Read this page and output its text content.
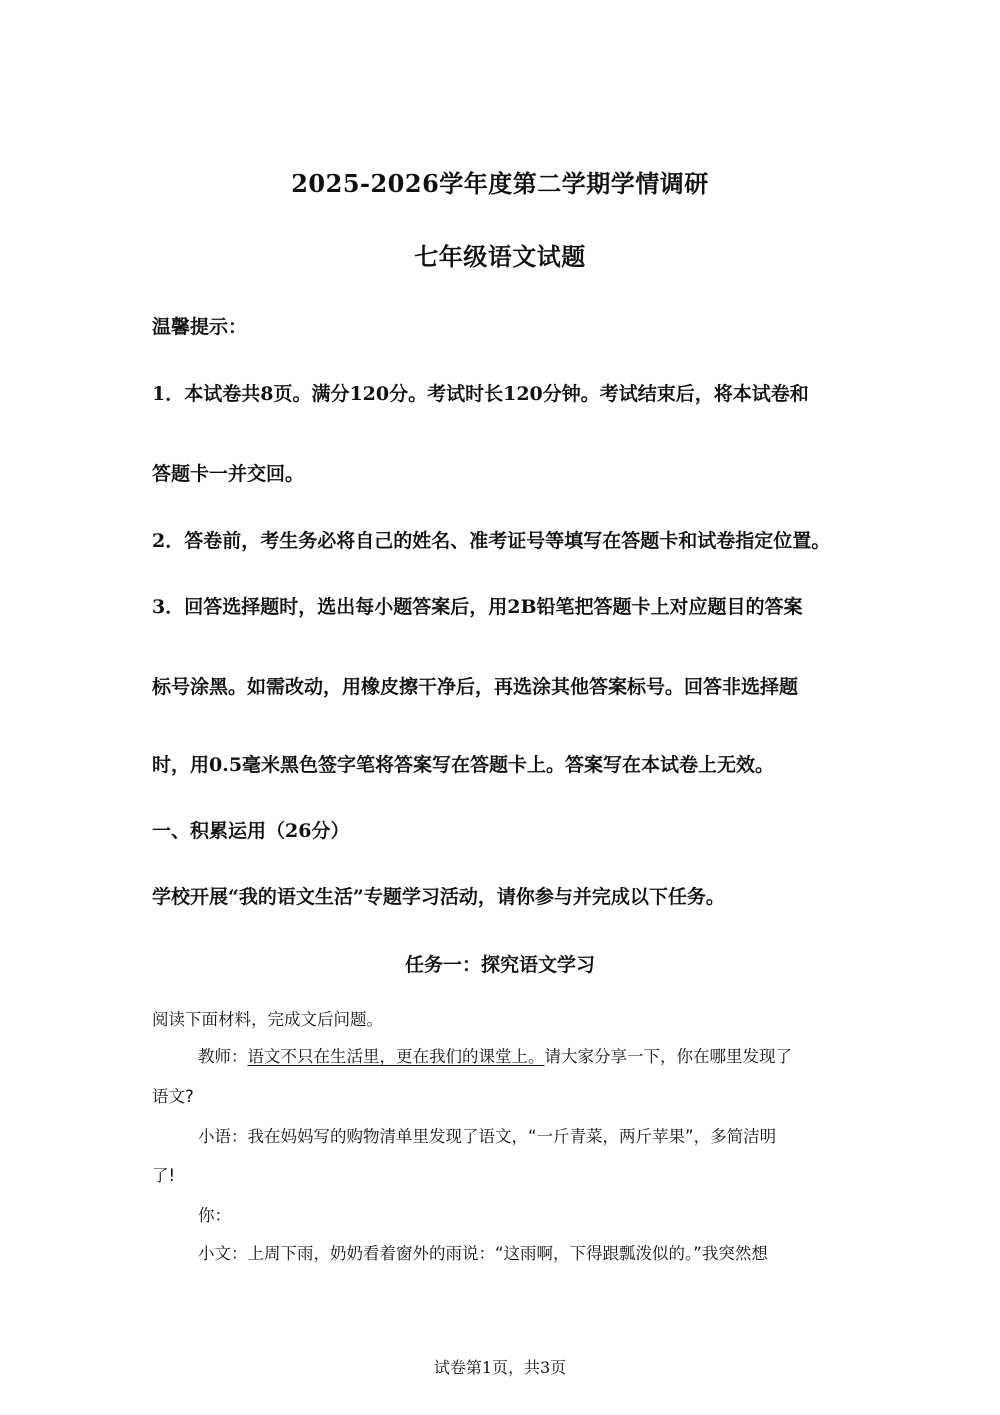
2025-2026学年度第二学期学情调研
七年级语文试题
温馨提示：
1．本试卷共8页。满分120分。考试时长120分钟。考试结束后，将本试卷和
答题卡一并交回。
2．答卷前，考生务必将自己的姓名、准考证号等填写在答题卡和试卷指定位置。
3．回答选择题时，选出每小题答案后，用2B铅笔把答题卡上对应题目的答案
标号涂黑。如需改动，用橡皮擦干净后，再选涂其他答案标号。回答非选择题
时，用0.5毫米黑色签字笔将答案写在答题卡上。答案写在本试卷上无效。
一、积累运用（26分）
学校开展“我的语文生活”专题学习活动，请你参与并完成以下任务。
任务一：探究语文学习
阅读下面材料，完成文后问题。
教师：语文不只在生活里，更在我们的课堂上。请大家分享一下，你在哪里发现了
语文?
小语：我在妈妈写的购物清单里发现了语文，“一斤青菜，两斤苹果”，多简洁明
了!
你：
小文：上周下雨，奶奶看着窗外的雨说：“这雨啊，下得跟瓢泼似的。”我突然想
试卷第1页，共3页
